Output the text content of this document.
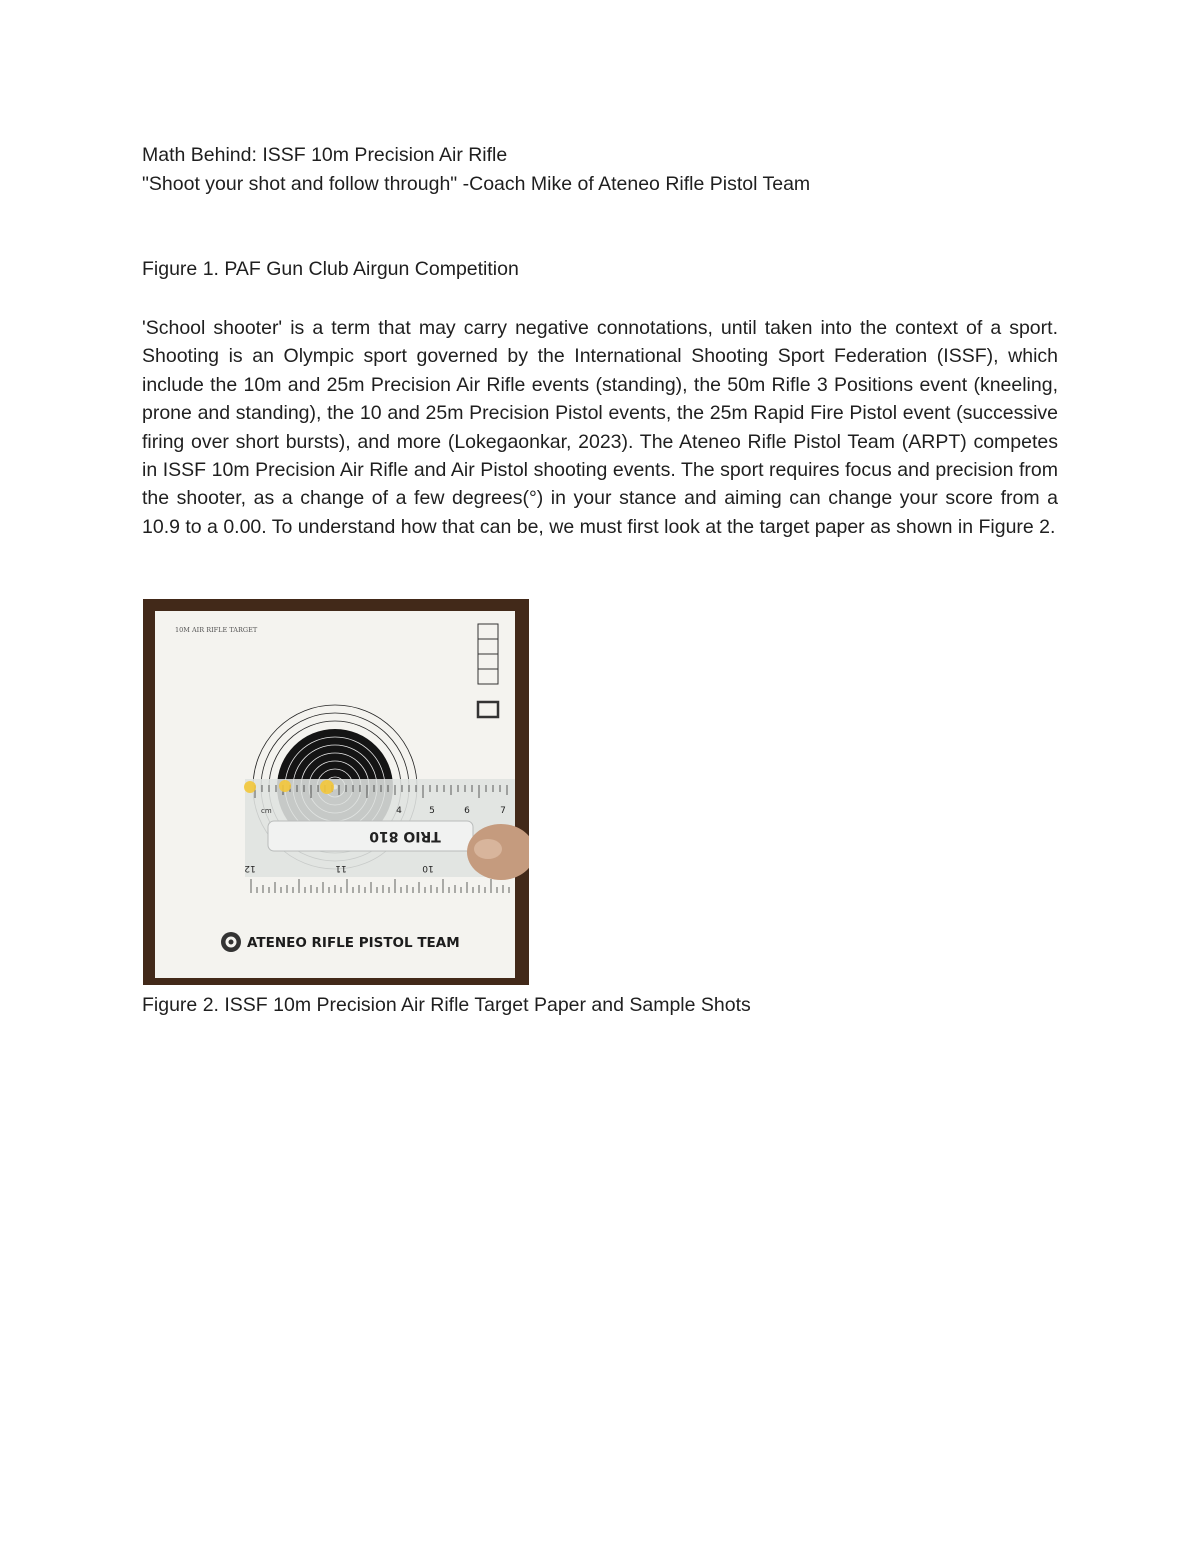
Math Behind: ISSF 10m Precision Air Rifle
"Shoot your shot and follow through" -Coach Mike of Ateneo Rifle Pistol Team
Figure 1. PAF Gun Club Airgun Competition

'School shooter' is a term that may carry negative connotations, until taken into the context of a sport. Shooting is an Olympic sport governed by the International Shooting Sport Federation (ISSF), which include the 10m and 25m Precision Air Rifle events (standing), the 50m Rifle 3 Positions event (kneeling, prone and standing), the 10 and 25m Precision Pistol events, the 25m Rapid Fire Pistol event (successive firing over short bursts), and more (Lokegaonkar, 2023). The Ateneo Rifle Pistol Team (ARPT) competes in ISSF 10m Precision Air Rifle and Air Pistol shooting events. The sport requires focus and precision from the shooter, as a change of a few degrees(°) in your stance and aiming can change your score from a 10.9 to a 0.00. To understand how that can be, we must first look at the target paper as shown in Figure 2.

10M AIR RIFLE TARGET
TRIO 810
cm	4	5	6	7
12	11	10
ATENEO RIFLE PISTOL TEAM
Figure 2. ISSF 10m Precision Air Rifle Target Paper and Sample Shots
